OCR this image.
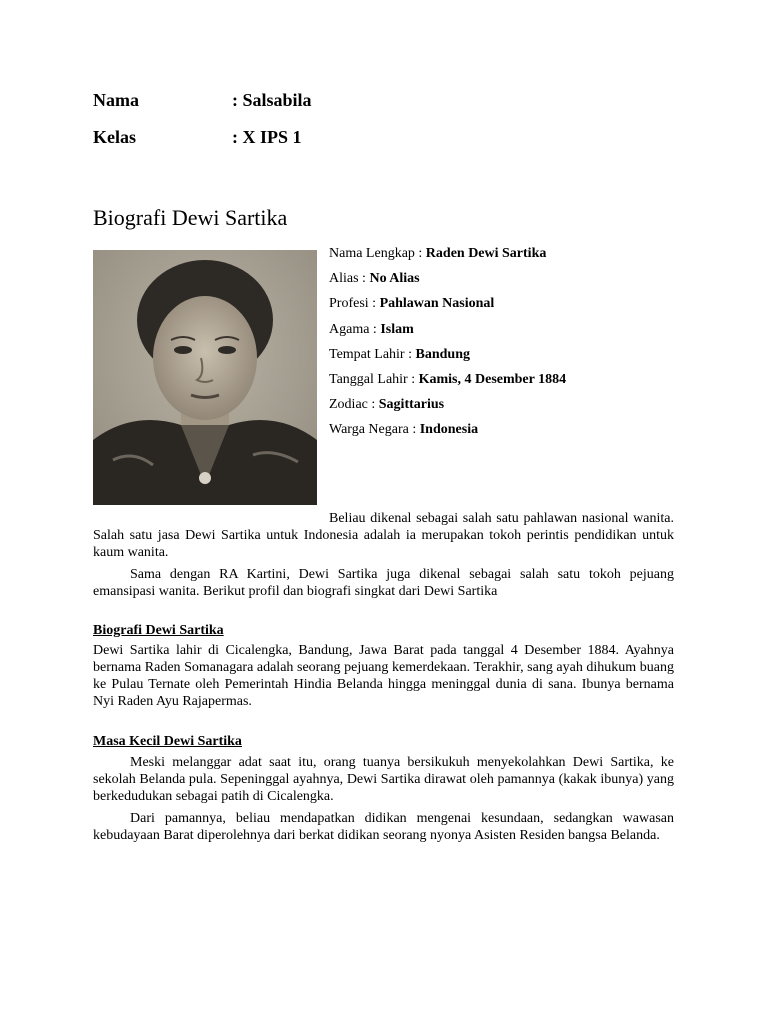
Nama	: Salsabila
Kelas	: X IPS 1
Biografi Dewi Sartika
Nama Lengkap : Raden Dewi Sartika
Alias : No Alias
Profesi : Pahlawan Nasional
Agama : Islam
Tempat Lahir : Bandung
Tanggal Lahir : Kamis, 4 Desember 1884
Zodiac : Sagittarius
Warga Negara : Indonesia

Beliau dikenal sebagai salah satu pahlawan nasional wanita. Salah satu jasa Dewi Sartika untuk Indonesia adalah ia merupakan tokoh perintis pendidikan untuk kaum wanita.

Sama dengan RA Kartini, Dewi Sartika juga dikenal sebagai salah satu tokoh pejuang emansipasi wanita. Berikut profil dan biografi singkat dari Dewi Sartika

Biografi Dewi Sartika

Dewi Sartika lahir di Cicalengka, Bandung, Jawa Barat pada tanggal 4 Desember 1884. Ayahnya bernama Raden Somanagara adalah seorang pejuang kemerdekaan. Terakhir, sang ayah dihukum buang ke Pulau Ternate oleh Pemerintah Hindia Belanda hingga meninggal dunia di sana. Ibunya bernama Nyi Raden Ayu Rajapermas.

Masa Kecil Dewi Sartika

Meski melanggar adat saat itu, orang tuanya bersikukuh menyekolahkan Dewi Sartika, ke sekolah Belanda pula. Sepeninggal ayahnya, Dewi Sartika dirawat oleh pamannya (kakak ibunya) yang berkedudukan sebagai patih di Cicalengka.

Dari pamannya, beliau mendapatkan didikan mengenai kesundaan, sedangkan wawasan kebudayaan Barat diperolehnya dari berkat didikan seorang nyonya Asisten Residen bangsa Belanda.
